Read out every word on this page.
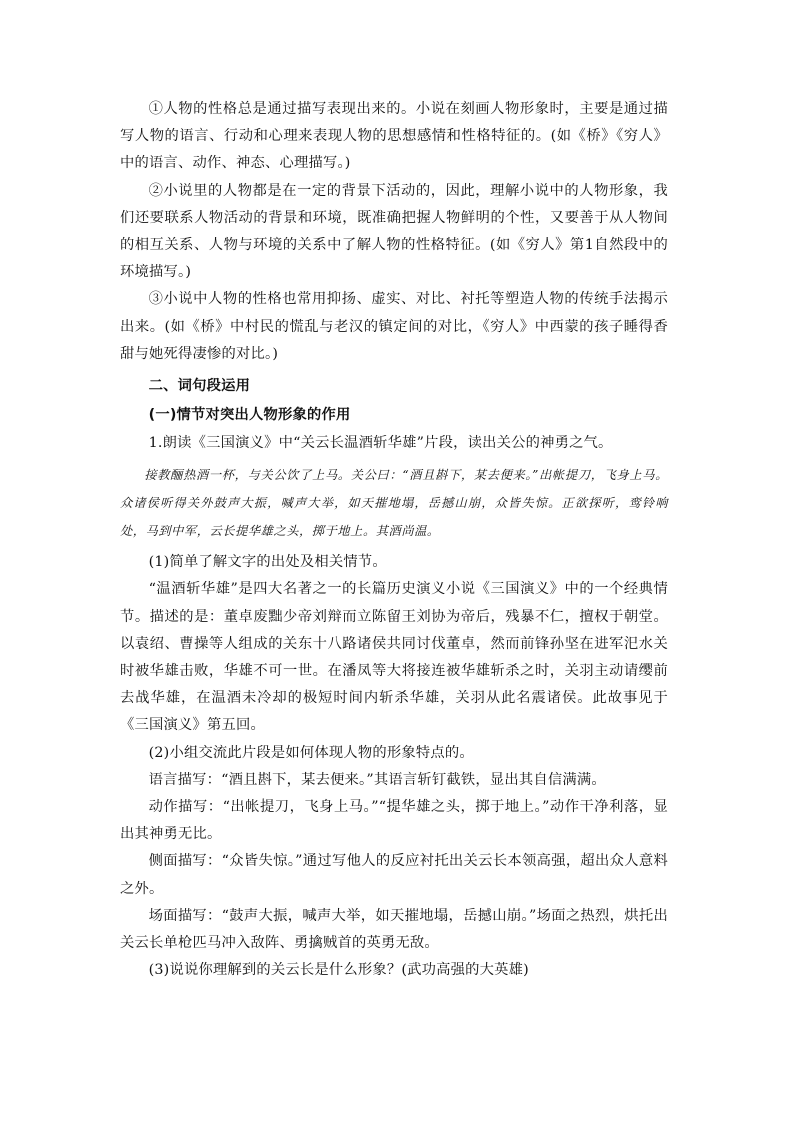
①人物的性格总是通过描写表现出来的。小说在刻画人物形象时，主要是通过描写人物的语言、行动和心理来表现人物的思想感情和性格特征的。(如《桥》《穷人》中的语言、动作、神态、心理描写。)

②小说里的人物都是在一定的背景下活动的，因此，理解小说中的人物形象，我们还要联系人物活动的背景和环境，既准确把握人物鲜明的个性，又要善于从人物间的相互关系、人物与环境的关系中了解人物的性格特征。(如《穷人》第1自然段中的环境描写。)

③小说中人物的性格也常用抑扬、虚实、对比、衬托等塑造人物的传统手法揭示出来。(如《桥》中村民的慌乱与老汉的镇定间的对比，《穷人》中西蒙的孩子睡得香甜与她死得凄惨的对比。)

二、词句段运用

(一)情节对突出人物形象的作用

1.朗读《三国演义》中“关云长温酒斩华雄”片段，读出关公的神勇之气。

接教酾热酒一杯，与关公饮了上马。关公曰：“酒且斟下，某去便来。”出帐提刀，飞身上马。众诸侯听得关外鼓声大振，喊声大举，如天摧地塌，岳撼山崩，众皆失惊。正欲探听，鸾铃响处，马到中军，云长提华雄之头，掷于地上。其酒尚温。

(1)简单了解文字的出处及相关情节。

“温酒斩华雄”是四大名著之一的长篇历史演义小说《三国演义》中的一个经典情节。描述的是：董卓废黜少帝刘辩而立陈留王刘协为帝后，残暴不仁，擅权于朝堂。以袁绍、曹操等人组成的关东十八路诸侯共同讨伐董卓，然而前锋孙坚在进军汜水关时被华雄击败，华雄不可一世。在潘凤等大将接连被华雄斩杀之时，关羽主动请缨前去战华雄，在温酒未冷却的极短时间内斩杀华雄，关羽从此名震诸侯。此故事见于《三国演义》第五回。

(2)小组交流此片段是如何体现人物的形象特点的。

语言描写：“酒且斟下，某去便来。”其语言斩钉截铁，显出其自信满满。

动作描写：“出帐提刀，飞身上马。”“提华雄之头，掷于地上。”动作干净利落，显出其神勇无比。

侧面描写：“众皆失惊。”通过写他人的反应衬托出关云长本领高强，超出众人意料之外。

场面描写：“鼓声大振，喊声大举，如天摧地塌，岳撼山崩。”场面之热烈，烘托出关云长单枪匹马冲入敌阵、勇擒贼首的英勇无敌。

(3)说说你理解到的关云长是什么形象？(武功高强的大英雄)
